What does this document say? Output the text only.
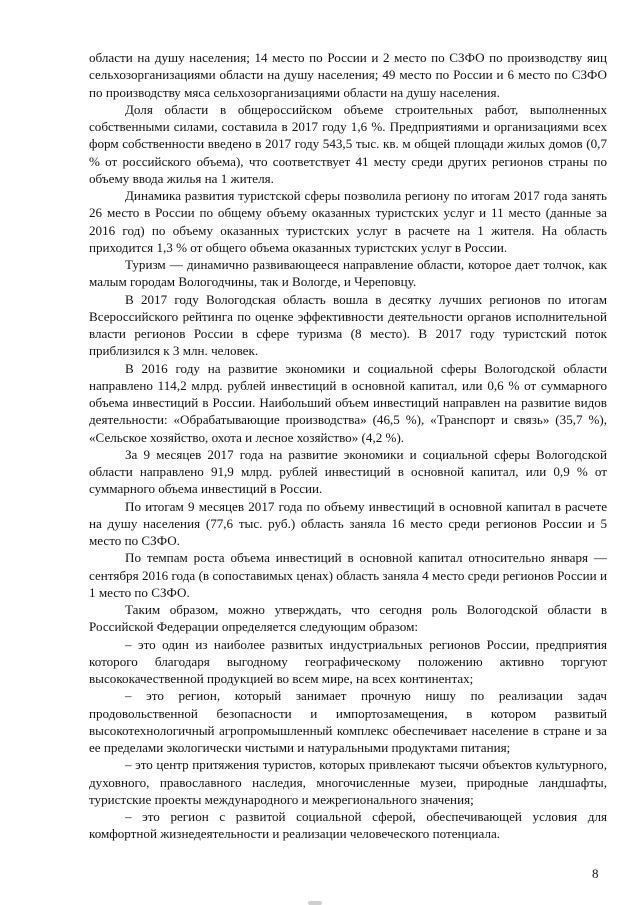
области на душу населения; 14 место по России и 2 место по СЗФО по производству яиц сельхозорганизациями области на душу населения; 49 место по России и 6 место по СЗФО по производству мяса сельхозорганизациями области на душу населения.

Доля области в общероссийском объеме строительных работ, выполненных собственными силами, составила в 2017 году 1,6 %. Предприятиями и организациями всех форм собственности введено в 2017 году 543,5 тыс. кв. м общей площади жилых домов (0,7 % от российского объема), что соответствует 41 месту среди других регионов страны по объему ввода жилья на 1 жителя.

Динамика развития туристской сферы позволила региону по итогам 2017 года занять 26 место в России по общему объему оказанных туристских услуг и 11 место (данные за 2016 год) по объему оказанных туристских услуг в расчете на 1 жителя. На область приходится 1,3 % от общего объема оказанных туристских услуг в России.

Туризм — динамично развивающееся направление области, которое дает толчок, как малым городам Вологодчины, так и Вологде, и Череповцу.

В 2017 году Вологодская область вошла в десятку лучших регионов по итогам Всероссийского рейтинга по оценке эффективности деятельности органов исполнительной власти регионов России в сфере туризма (8 место). В 2017 году туристский поток приблизился к 3 млн. человек.

В 2016 году на развитие экономики и социальной сферы Вологодской области направлено 114,2 млрд. рублей инвестиций в основной капитал, или 0,6 % от суммарного объема инвестиций в России. Наибольший объем инвестиций направлен на развитие видов деятельности: «Обрабатывающие производства» (46,5 %), «Транспорт и связь» (35,7 %), «Сельское хозяйство, охота и лесное хозяйство» (4,2 %).

За 9 месяцев 2017 года на развитие экономики и социальной сферы Вологодской области направлено 91,9 млрд. рублей инвестиций в основной капитал, или 0,9 % от суммарного объема инвестиций в России.

По итогам 9 месяцев 2017 года по объему инвестиций в основной капитал в расчете на душу населения (77,6 тыс. руб.) область заняла 16 место среди регионов России и 5 место по СЗФО.

По темпам роста объема инвестиций в основной капитал относительно января — сентября 2016 года (в сопоставимых ценах) область заняла 4 место среди регионов России и 1 место по СЗФО.

Таким образом, можно утверждать, что сегодня роль Вологодской области в Российской Федерации определяется следующим образом:

– это один из наиболее развитых индустриальных регионов России, предприятия которого благодаря выгодному географическому положению активно торгуют высококачественной продукцией во всем мире, на всех континентах;

– это регион, который занимает прочную нишу по реализации задач продовольственной безопасности и импортозамещения, в котором развитый высокотехнологичный агропромышленный комплекс обеспечивает население в стране и за ее пределами экологически чистыми и натуральными продуктами питания;

– это центр притяжения туристов, которых привлекают тысячи объектов культурного, духовного, православного наследия, многочисленные музеи, природные ландшафты, туристские проекты международного и межрегионального значения;

– это регион с развитой социальной сферой, обеспечивающей условия для комфортной жизнедеятельности и реализации человеческого потенциала.

8
